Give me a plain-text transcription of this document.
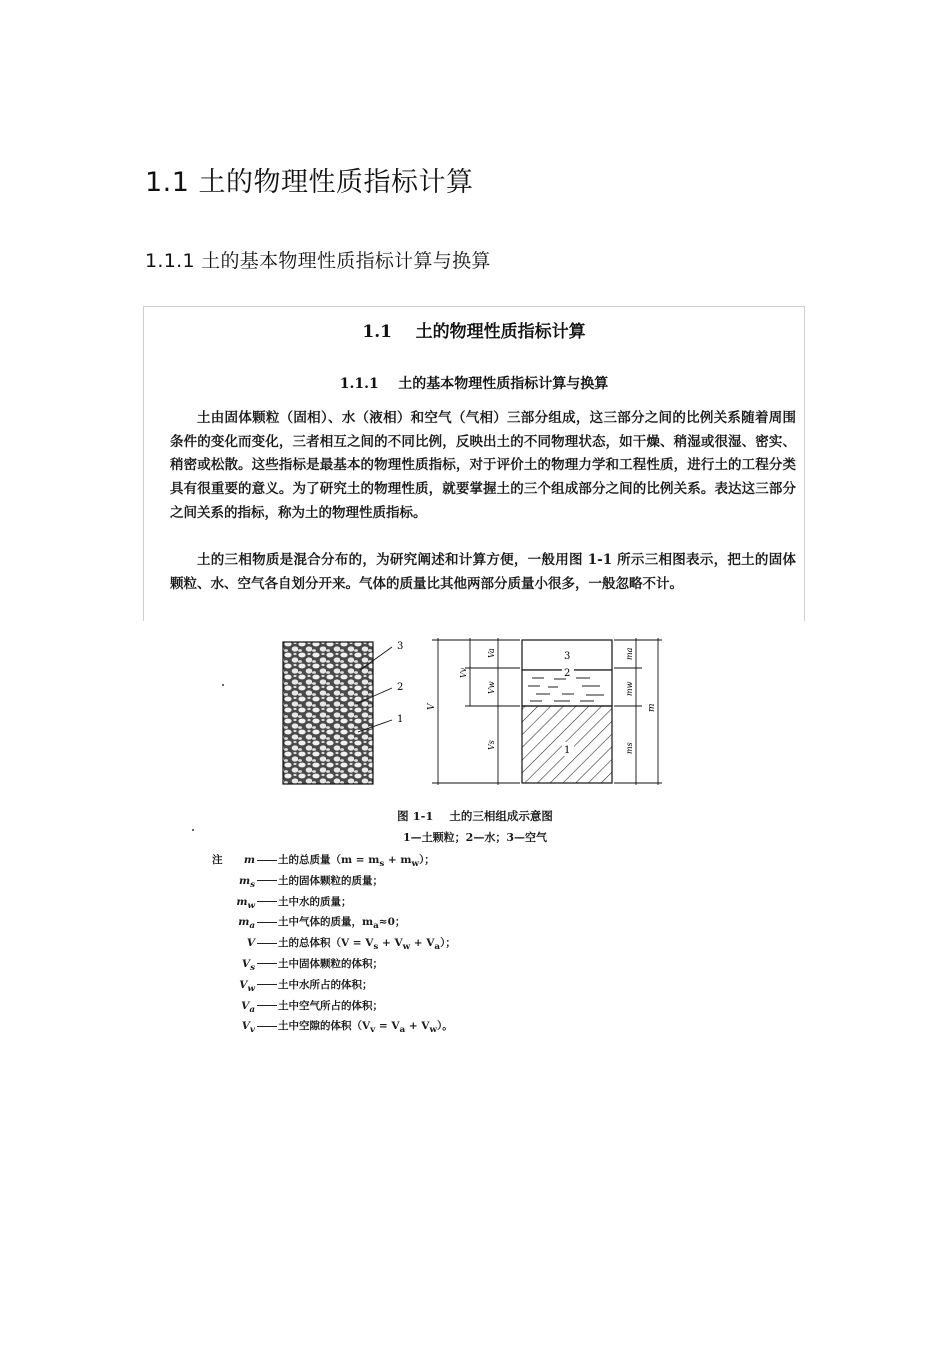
1.1 土的物理性质指标计算
1.1.1 土的基本物理性质指标计算与换算
1.1    土的物理性质指标计算
1.1.1    土的基本物理性质指标计算与换算
土由固体颗粒（固相）、水（液相）和空气（气相）三部分组成，这三部分之间的比例关系随着周围条件的变化而变化，三者相互之间的不同比例，反映出土的不同物理状态，如干燥、稍湿或很湿、密实、稍密或松散。这些指标是最基本的物理性质指标，对于评价土的物理力学和工程性质，进行土的工程分类具有很重要的意义。为了研究土的物理性质，就要掌握土的三个组成部分之间的比例关系。表达这三部分之间关系的指标，称为土的物理性质指标。
土的三相物质是混合分布的，为研究阐述和计算方便，一般用图 1-1 所示三相图表示，把土的固体颗粒、水、空气各自划分开来。气体的质量比其他两部分质量小很多，一般忽略不计。
3
2
1
V
Va
Vv
Vw
Vs
3
2
1
ma
mw
ms
m
图 1-1    土的三相组成示意图
1—土颗粒；2—水；3—空气
注 m 土的总质量$(m = m_s + m_w)$；
$m_s$ 土的固体颗粒的质量；
$m_w$ 土中水的质量；
$m_a$ 土中气体的质量，$m_a\approx 0$；
V 土的总体积$(V = V_s + V_w + V_a)$；
$V_s$ 土中固体颗粒的体积；
$V_w$ 土中水所占的体积；
$V_a$ 土中空气所占的体积；
$V_v$ 土中空隙的体积$(V_v = V_a + V_w)$。
